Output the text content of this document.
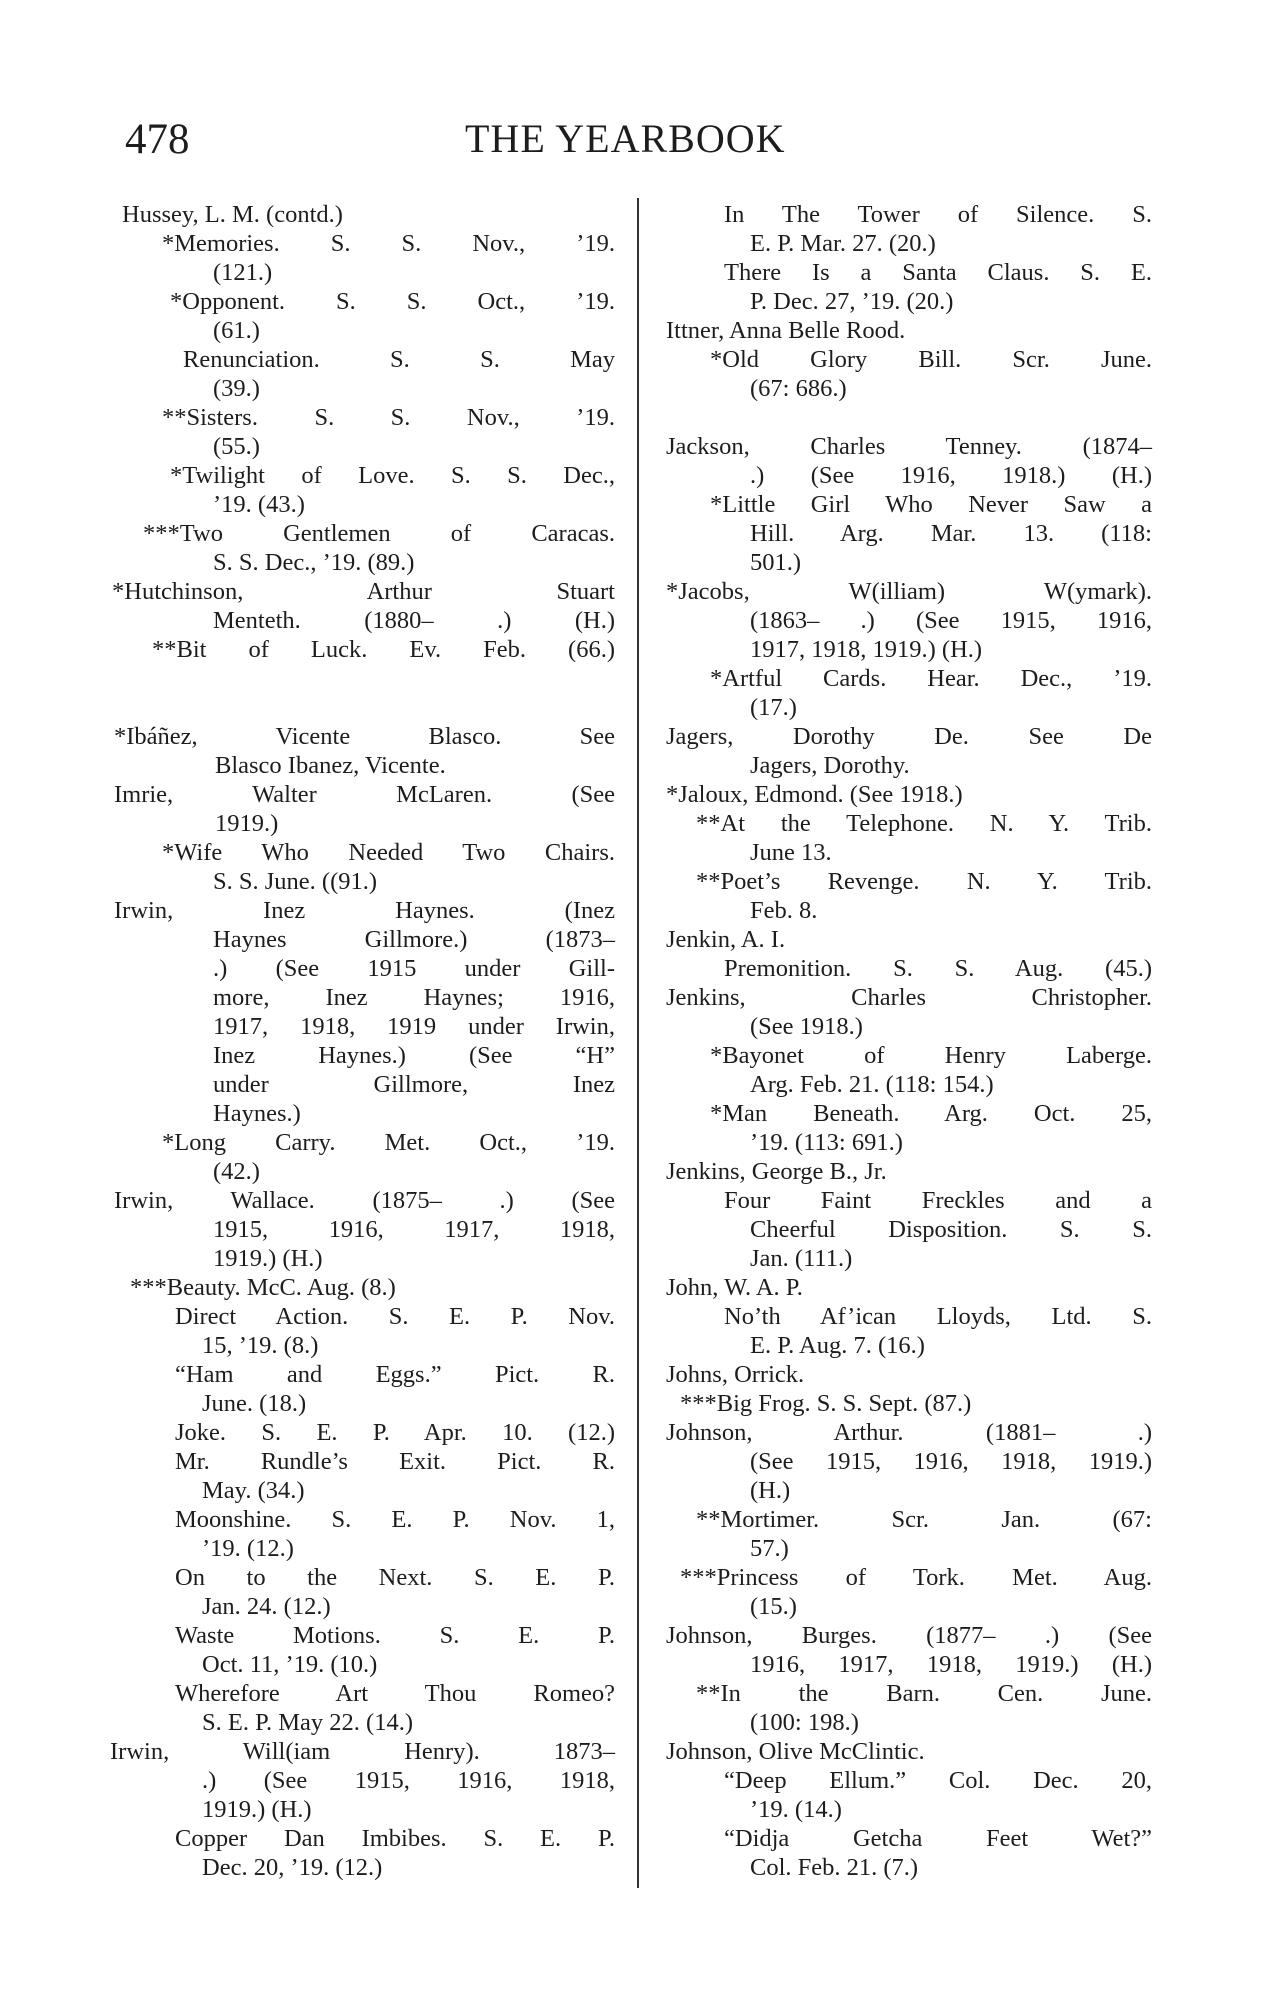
478	THE YEARBOOK
Hussey, L. M. (contd.)
*Memories. S. S. Nov., ’19.
(121.)
*Opponent. S. S. Oct., ’19.
(61.)
Renunciation. S. S. May
(39.)
**Sisters. S. S. Nov., ’19.
(55.)
*Twilight of Love. S. S. Dec.,
’19. (43.)
***Two Gentlemen of Caracas.
S. S. Dec., ’19. (89.)
*Hutchinson, Arthur Stuart
Menteth. (1880– .) (H.)
**Bit of Luck. Ev. Feb. (66.)
*Ibáñez, Vicente Blasco. See
Blasco Ibanez, Vicente.
Imrie, Walter McLaren. (See
1919.)
*Wife Who Needed Two Chairs.
S. S. June. ((91.)
Irwin, Inez Haynes. (Inez
Haynes Gillmore.) (1873–
.) (See 1915 under Gill-
more, Inez Haynes; 1916,
1917, 1918, 1919 under Irwin,
Inez Haynes.) (See “H”
under Gillmore, Inez
Haynes.)
*Long Carry. Met. Oct., ’19.
(42.)
Irwin, Wallace. (1875– .) (See
1915, 1916, 1917, 1918,
1919.) (H.)
***Beauty. McC. Aug. (8.)
Direct Action. S. E. P. Nov.
15, ’19. (8.)
“Ham and Eggs.” Pict. R.
June. (18.)
Joke. S. E. P. Apr. 10. (12.)
Mr. Rundle’s Exit. Pict. R.
May. (34.)
Moonshine. S. E. P. Nov. 1,
’19. (12.)
On to the Next. S. E. P.
Jan. 24. (12.)
Waste Motions. S. E. P.
Oct. 11, ’19. (10.)
Wherefore Art Thou Romeo?
S. E. P. May 22. (14.)
Irwin, Will(iam Henry). 1873–
.) (See 1915, 1916, 1918,
1919.) (H.)
Copper Dan Imbibes. S. E. P.
Dec. 20, ’19. (12.)
In The Tower of Silence. S.
E. P. Mar. 27. (20.)
There Is a Santa Claus. S. E.
P. Dec. 27, ’19. (20.)
Ittner, Anna Belle Rood.
*Old Glory Bill. Scr. June.
(67: 686.)
Jackson, Charles Tenney. (1874–
.) (See 1916, 1918.) (H.)
*Little Girl Who Never Saw a
Hill. Arg. Mar. 13. (118:
501.)
*Jacobs, W(illiam) W(ymark).
(1863– .) (See 1915, 1916,
1917, 1918, 1919.) (H.)
*Artful Cards. Hear. Dec., ’19.
(17.)
Jagers, Dorothy De. See De
Jagers, Dorothy.
*Jaloux, Edmond. (See 1918.)
**At the Telephone. N. Y. Trib.
June 13.
**Poet’s Revenge. N. Y. Trib.
Feb. 8.
Jenkin, A. I.
Premonition. S. S. Aug. (45.)
Jenkins, Charles Christopher.
(See 1918.)
*Bayonet of Henry Laberge.
Arg. Feb. 21. (118: 154.)
*Man Beneath. Arg. Oct. 25,
’19. (113: 691.)
Jenkins, George B., Jr.
Four Faint Freckles and a
Cheerful Disposition. S. S.
Jan. (111.)
John, W. A. P.
No’th Af’ican Lloyds, Ltd. S.
E. P. Aug. 7. (16.)
Johns, Orrick.
***Big Frog. S. S. Sept. (87.)
Johnson, Arthur. (1881– .)
(See 1915, 1916, 1918, 1919.)
(H.)
**Mortimer. Scr. Jan. (67:
57.)
***Princess of Tork. Met. Aug.
(15.)
Johnson, Burges. (1877– .) (See
1916, 1917, 1918, 1919.) (H.)
**In the Barn. Cen. June.
(100: 198.)
Johnson, Olive McClintic.
“Deep Ellum.” Col. Dec. 20,
’19. (14.)
“Didja Getcha Feet Wet?”
Col. Feb. 21. (7.)
